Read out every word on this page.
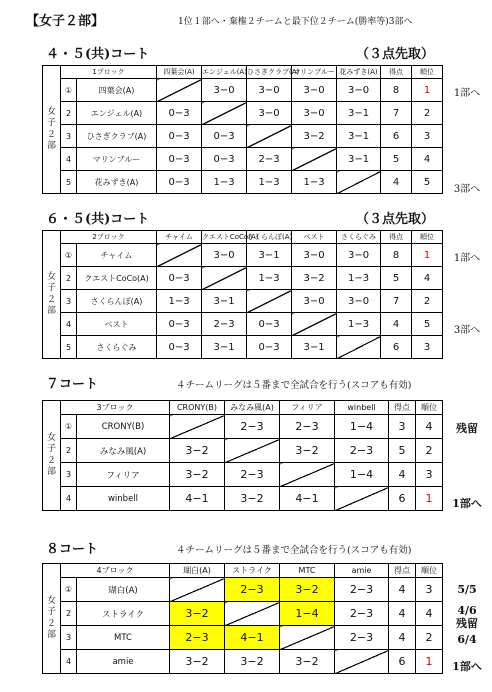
【女子２部】	1位１部へ・棄権２チームと最下位２チーム(勝率等)3部へ
４・５(共)コート	（３点先取）
女
子
２
部	1ブロック		四葉会(A)	エンジェル(A)	ひさぎクラブ(A)	マリンブルー	花みずき(A)	得点	順位
	①	四葉会(A)		3−0	3−0	3−0	3−0	8	1
	2	エンジェル(A)	0−3		3−0	3−0	3−1	7	2
	3	ひさぎクラブ(A)	0−3	0−3		3−2	3−1	6	3
	4	マリンブルー	0−3	0−3	2−3		3−1	5	4
	5	花みずき(A)	0−3	1−3	1−3	1−3		4	5
1部へ
3部へ
６・５(共)コート	（３点先取）
女
子
２
部	2ブロック		チャイム	クエストCoCo(A)	さくらんぼ(A)	ベスト	さくらぐみ	得点	順位
	①	チャイム		3−0	3−1	3−0	3−0	8	1
	2	クエストCoCo(A)	0−3		1−3	3−2	1−3	5	4
	3	さくらんぼ(A)	1−3	3−1		3−0	3−0	7	2
	4	ベスト	0−3	2−3	0−3		1−3	4	5
	5	さくらぐみ	0−3	3−1	0−3	3−1		6	3
1部へ
3部へ
７コート	４チームリーグは５番まで全試合を行う(スコアも有効)
女
子
２
部	3ブロック		CRONY(B)	みなみ風(A)	フィリア	winbell	得点	順位
	①	CRONY(B)		2−3	2−3	1−4	3	4
	2	みなみ風(A)	3−2		3−2	2−3	5	2
	3	フィリア	3−2	2−3		1−4	4	3
	4	winbell	4−1	3−2	4−1		6	1
残留
1部へ
８コート	４チームリーグは５番まで全試合を行う(スコアも有効)
女
子
２
部	4ブロック		瑚白(A)	ストライク	MTC	amie	得点	順位
	①	瑚白(A)		2−3	3−2	2−3	4	3
	2	ストライク	3−2		1−4	2−3	4	4
	3	MTC	2−3	4−1		2−3	4	2
	4	amie	3−2	3−2	3−2		6	1
5/5
4/6
残留
6/4
1部へ
